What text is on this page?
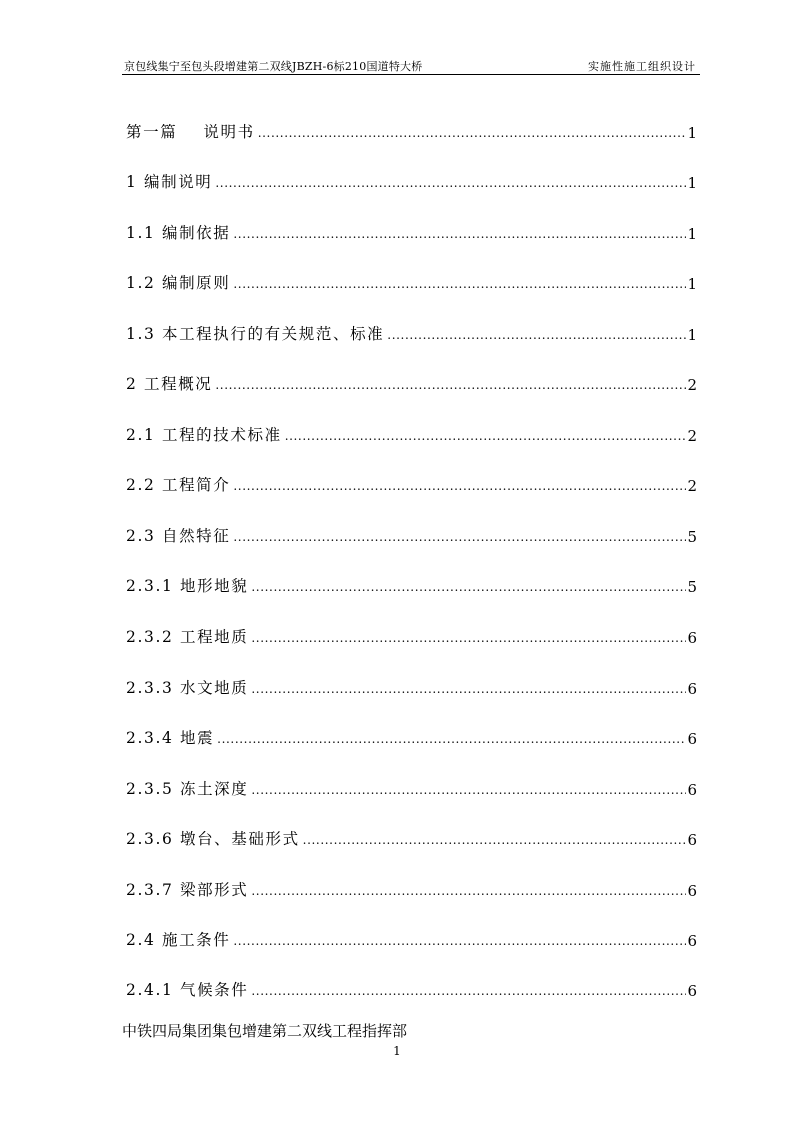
京包线集宁至包头段增建第二双线JBZH-6标210国道特大桥	实施性施工组织设计
第一篇    说明书 .....	1
1 编制说明 .....	1
1.1 编制依据 .....	1
1.2 编制原则 .....	1
1.3 本工程执行的有关规范、标准 .....	1
2 工程概况 .....	2
2.1 工程的技术标准 .....	2
2.2 工程简介 .....	2
2.3 自然特征 .....	5
2.3.1 地形地貌 .....	5
2.3.2 工程地质 .....	6
2.3.3 水文地质 .....	6
2.3.4 地震 .....	6
2.3.5 冻土深度 .....	6
2.3.6 墩台、基础形式 .....	6
2.3.7 梁部形式 .....	6
2.4 施工条件 .....	6
2.4.1 气候条件 .....	6
中铁四局集团集包增建第二双线工程指挥部
1
